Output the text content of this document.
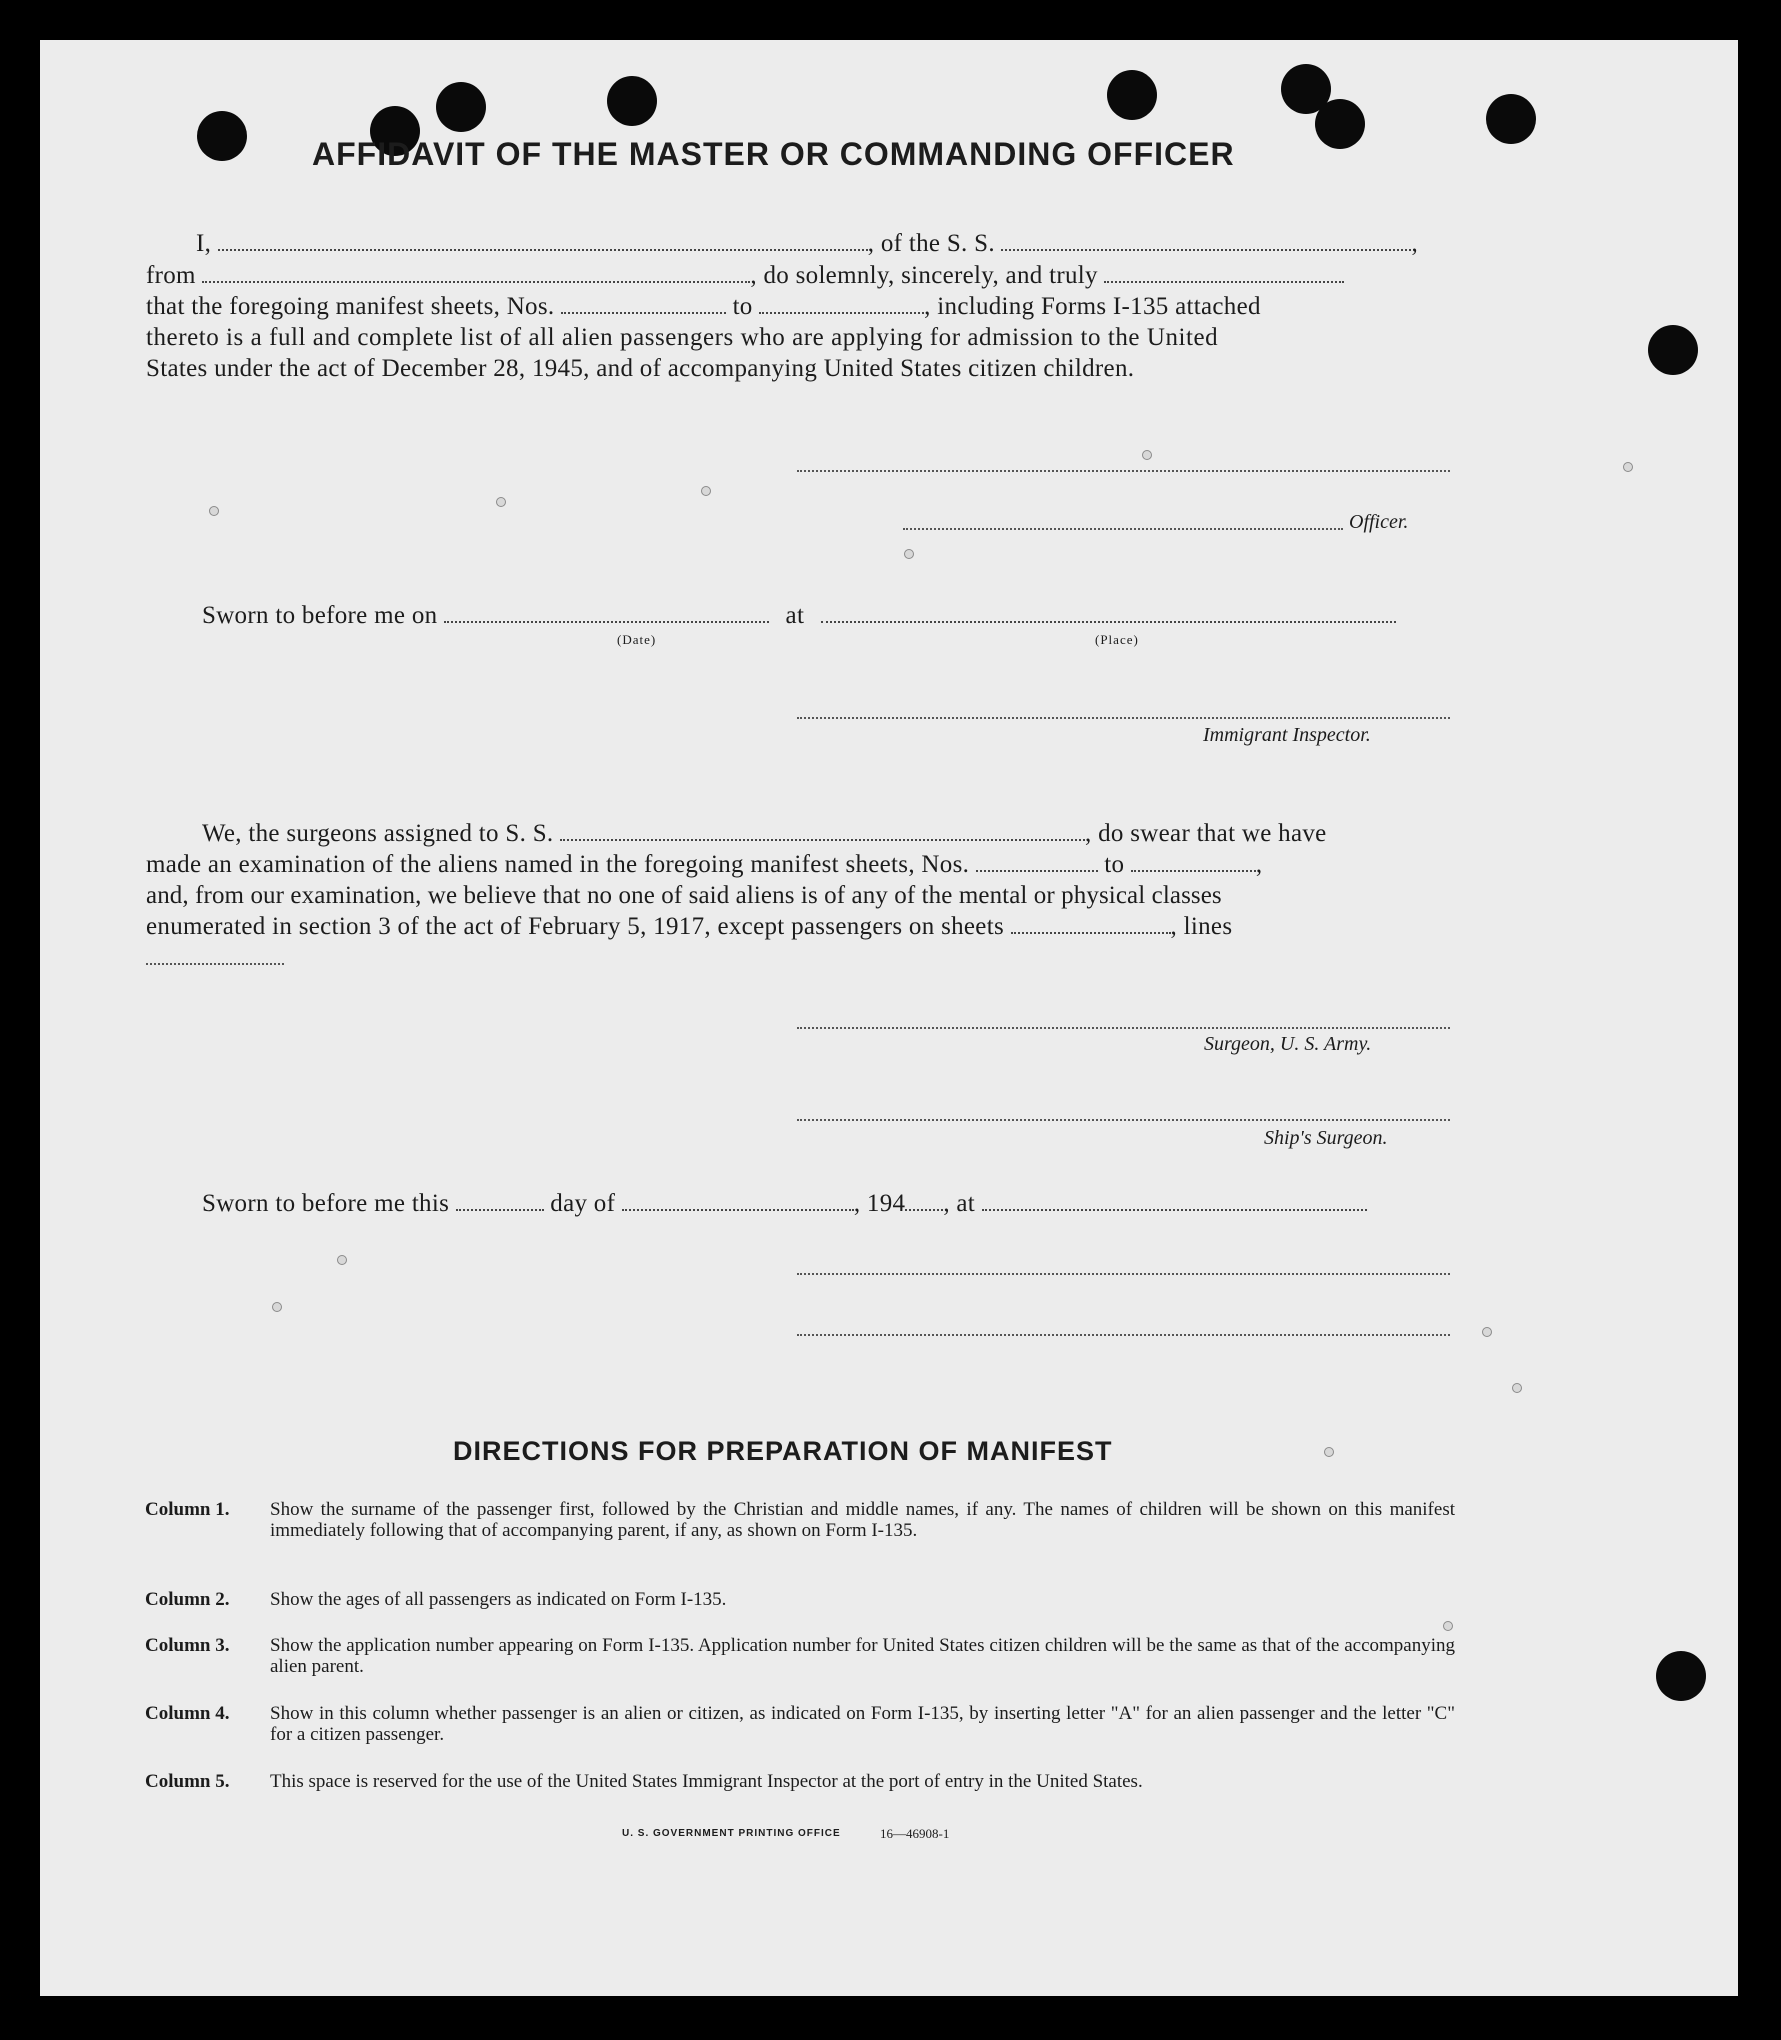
AFFIDAVIT OF THE MASTER OR COMMANDING OFFICER
I,	, of the S. S.	,
from	, do solemnly, sincerely, and truly
that the foregoing manifest sheets, Nos.	to	, including Forms I-135 attached
thereto is a full and complete list of all alien passengers who are applying for admission to the United
States under the act of December 28, 1945, and of accompanying United States citizen children.
Officer.
Sworn to before me on	at
(Date)	(Place)
Immigrant Inspector.
We, the surgeons assigned to S. S.	, do swear that we have
made an examination of the aliens named in the foregoing manifest sheets, Nos.	to	,
and, from our examination, we believe that no one of said aliens is of any of the mental or physical classes
enumerated in section 3 of the act of February 5, 1917, except passengers on sheets	, lines
Surgeon, U. S. Army.
Ship's Surgeon.
Sworn to before me this	day of	, 194 , at
DIRECTIONS FOR PREPARATION OF MANIFEST
Column 1. Show the surname of the passenger first, followed by the Christian and middle names, if any. The names of children will be shown on this manifest immediately following that of accompanying parent, if any, as shown on Form I-135.
Column 2. Show the ages of all passengers as indicated on Form I-135.
Column 3. Show the application number appearing on Form I-135. Application number for United States citizen children will be the same as that of the accompanying alien parent.
Column 4. Show in this column whether passenger is an alien or citizen, as indicated on Form I-135, by inserting letter "A" for an alien passenger and the letter "C" for a citizen passenger.
Column 5. This space is reserved for the use of the United States Immigrant Inspector at the port of entry in the United States.
U. S. GOVERNMENT PRINTING OFFICE	16—46908-1
